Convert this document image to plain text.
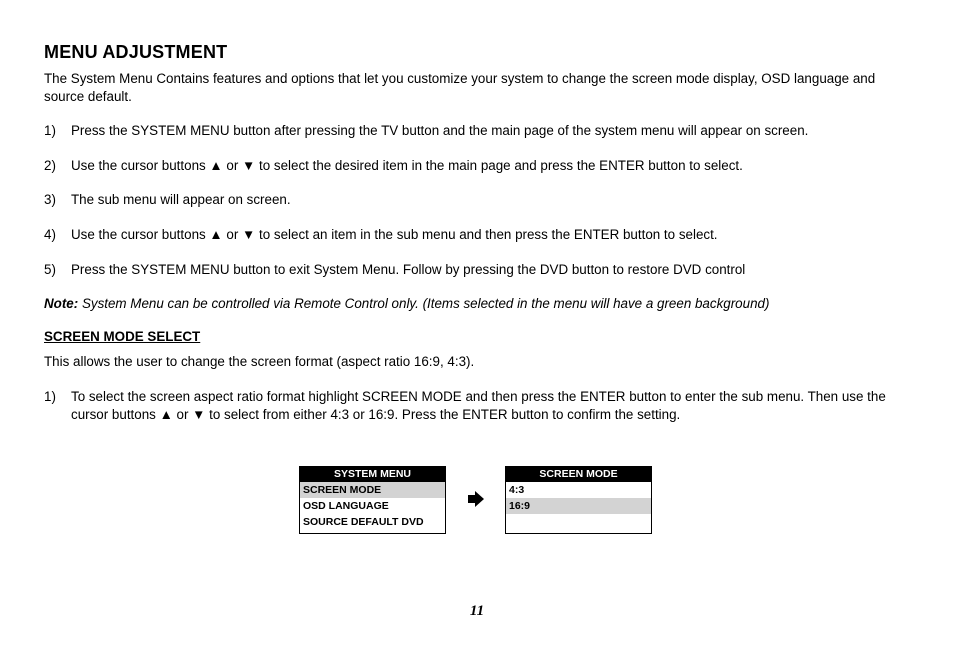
MENU ADJUSTMENT

The System Menu Contains features and options that let you customize your system to change the screen mode display, OSD language and source default.

1)	Press the SYSTEM MENU button after pressing the TV button and the main page of the system menu will appear on screen.
2)	Use the cursor buttons ▲ or ▼ to select the desired item in the main page and press the ENTER button to select.
3)	The sub menu will appear on screen.
4)	Use the cursor buttons ▲ or ▼ to select an item in the sub menu and then press the ENTER button to select.
5)	Press the SYSTEM MENU button to exit System Menu. Follow by pressing the DVD button to restore DVD control
Note: System Menu can be controlled via Remote Control only. (Items selected in the menu will have a green background)
SCREEN MODE SELECT

This allows the user to change the screen format (aspect ratio 16:9, 4:3).

1)	To select the screen aspect ratio format highlight SCREEN MODE and then press the ENTER button to enter the sub menu. Then use the cursor buttons ▲ or ▼ to select from either 4:3 or 16:9. Press the ENTER button to confirm the setting.
SYSTEM MENU
SCREEN MODE
OSD LANGUAGE
SOURCE DEFAULT DVD
SCREEN MODE
4:3
16:9
11
